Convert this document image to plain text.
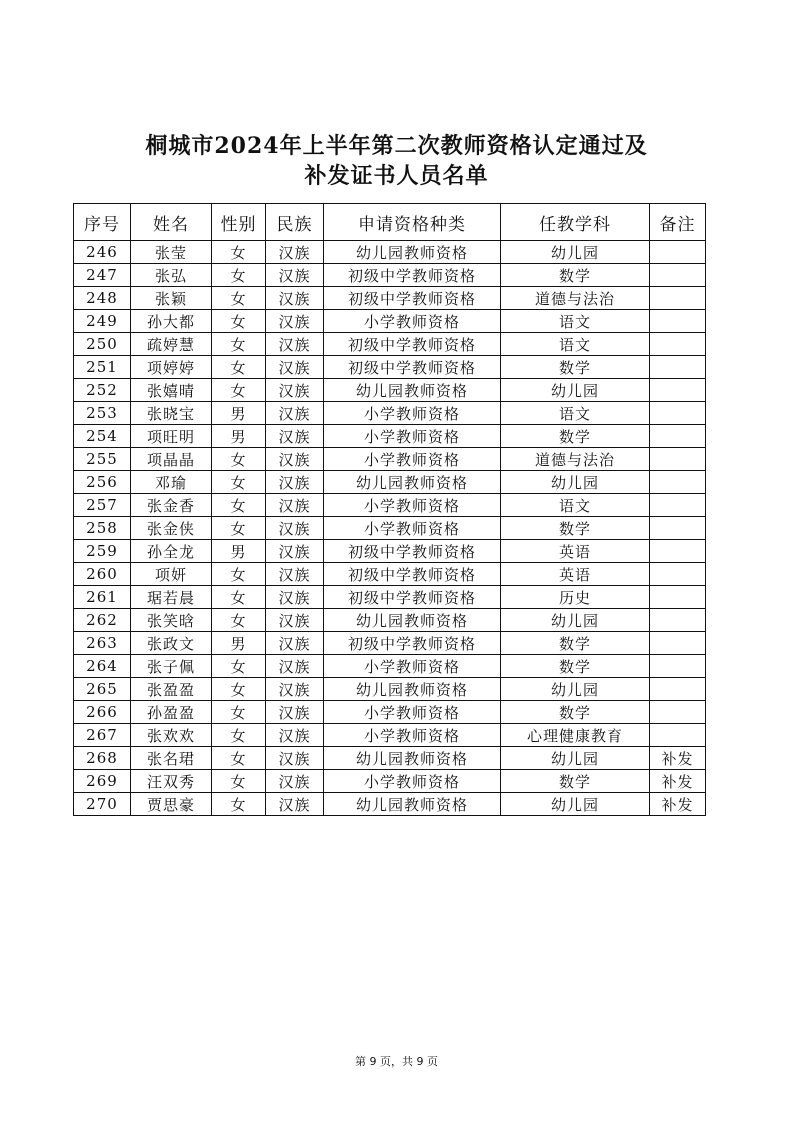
桐城市2024年上半年第二次教师资格认定通过及
补发证书人员名单
序号	姓名	性别	民族	申请资格种类	任教学科	备注
246	张莹	女	汉族	幼儿园教师资格	幼儿园	
247	张弘	女	汉族	初级中学教师资格	数学	
248	张颖	女	汉族	初级中学教师资格	道德与法治	
249	孙大都	女	汉族	小学教师资格	语文	
250	疏婷慧	女	汉族	初级中学教师资格	语文	
251	项婷婷	女	汉族	初级中学教师资格	数学	
252	张嬉晴	女	汉族	幼儿园教师资格	幼儿园	
253	张晓宝	男	汉族	小学教师资格	语文	
254	项旺明	男	汉族	小学教师资格	数学	
255	项晶晶	女	汉族	小学教师资格	道德与法治	
256	邓瑜	女	汉族	幼儿园教师资格	幼儿园	
257	张金香	女	汉族	小学教师资格	语文	
258	张金侠	女	汉族	小学教师资格	数学	
259	孙全龙	男	汉族	初级中学教师资格	英语	
260	项妍	女	汉族	初级中学教师资格	英语	
261	琚若晨	女	汉族	初级中学教师资格	历史	
262	张笑晗	女	汉族	幼儿园教师资格	幼儿园	
263	张政文	男	汉族	初级中学教师资格	数学	
264	张子佩	女	汉族	小学教师资格	数学	
265	张盈盈	女	汉族	幼儿园教师资格	幼儿园	
266	孙盈盈	女	汉族	小学教师资格	数学	
267	张欢欢	女	汉族	小学教师资格	心理健康教育	
268	张名珺	女	汉族	幼儿园教师资格	幼儿园	补发
269	汪双秀	女	汉族	小学教师资格	数学	补发
270	贾思豪	女	汉族	幼儿园教师资格	幼儿园	补发
第 9 页，共 9 页
